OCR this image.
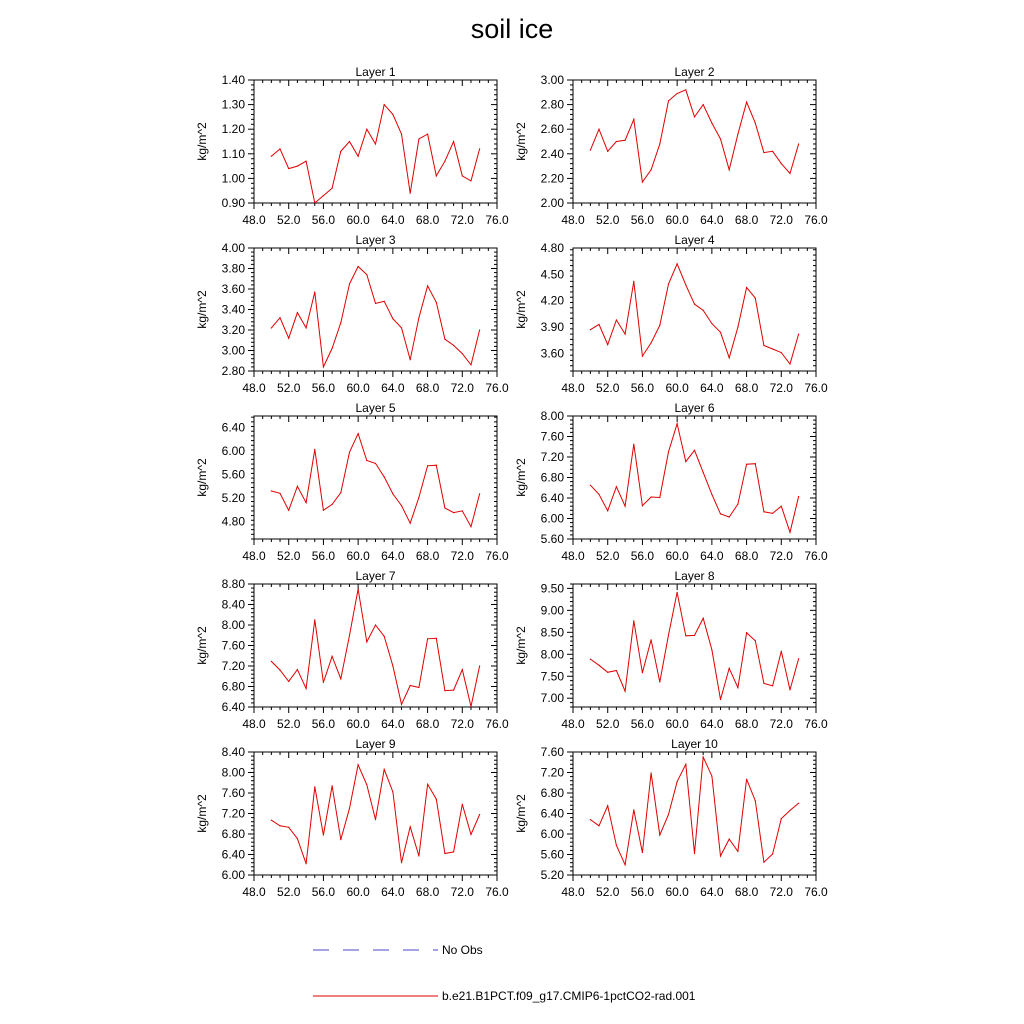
soil ice
48.0 52.0 56.0 60.0 64.0 68.0 72.0 76.0
0.90
1.00
1.10
1.20
1.30
1.40
Layer 1
kg/m^2
48.0 52.0 56.0 60.0 64.0 68.0 72.0 76.0
2.00
2.20
2.40
2.60
2.80
3.00
Layer 2
kg/m^2
48.0 52.0 56.0 60.0 64.0 68.0 72.0 76.0
2.80
3.00
3.20
3.40
3.60
3.80
4.00
Layer 3
kg/m^2
48.0 52.0 56.0 60.0 64.0 68.0 72.0 76.0
3.60
3.90
4.20
4.50
4.80
Layer 4
kg/m^2
48.0 52.0 56.0 60.0 64.0 68.0 72.0 76.0
4.80
5.20
5.60
6.00
6.40
Layer 5
kg/m^2
48.0 52.0 56.0 60.0 64.0 68.0 72.0 76.0
5.60
6.00
6.40
6.80
7.20
7.60
8.00
Layer 6
kg/m^2
48.0 52.0 56.0 60.0 64.0 68.0 72.0 76.0
6.40
6.80
7.20
7.60
8.00
8.40
8.80
Layer 7
kg/m^2
48.0 52.0 56.0 60.0 64.0 68.0 72.0 76.0
7.00
7.50
8.00
8.50
9.00
9.50
Layer 8
kg/m^2
48.0 52.0 56.0 60.0 64.0 68.0 72.0 76.0
6.00
6.40
6.80
7.20
7.60
8.00
8.40
Layer 9
kg/m^2
48.0 52.0 56.0 60.0 64.0 68.0 72.0 76.0
5.20
5.60
6.00
6.40
6.80
7.20
7.60
Layer 10
kg/m^2
No Obs
b.e21.B1PCT.f09_g17.CMIP6-1pctCO2-rad.001
